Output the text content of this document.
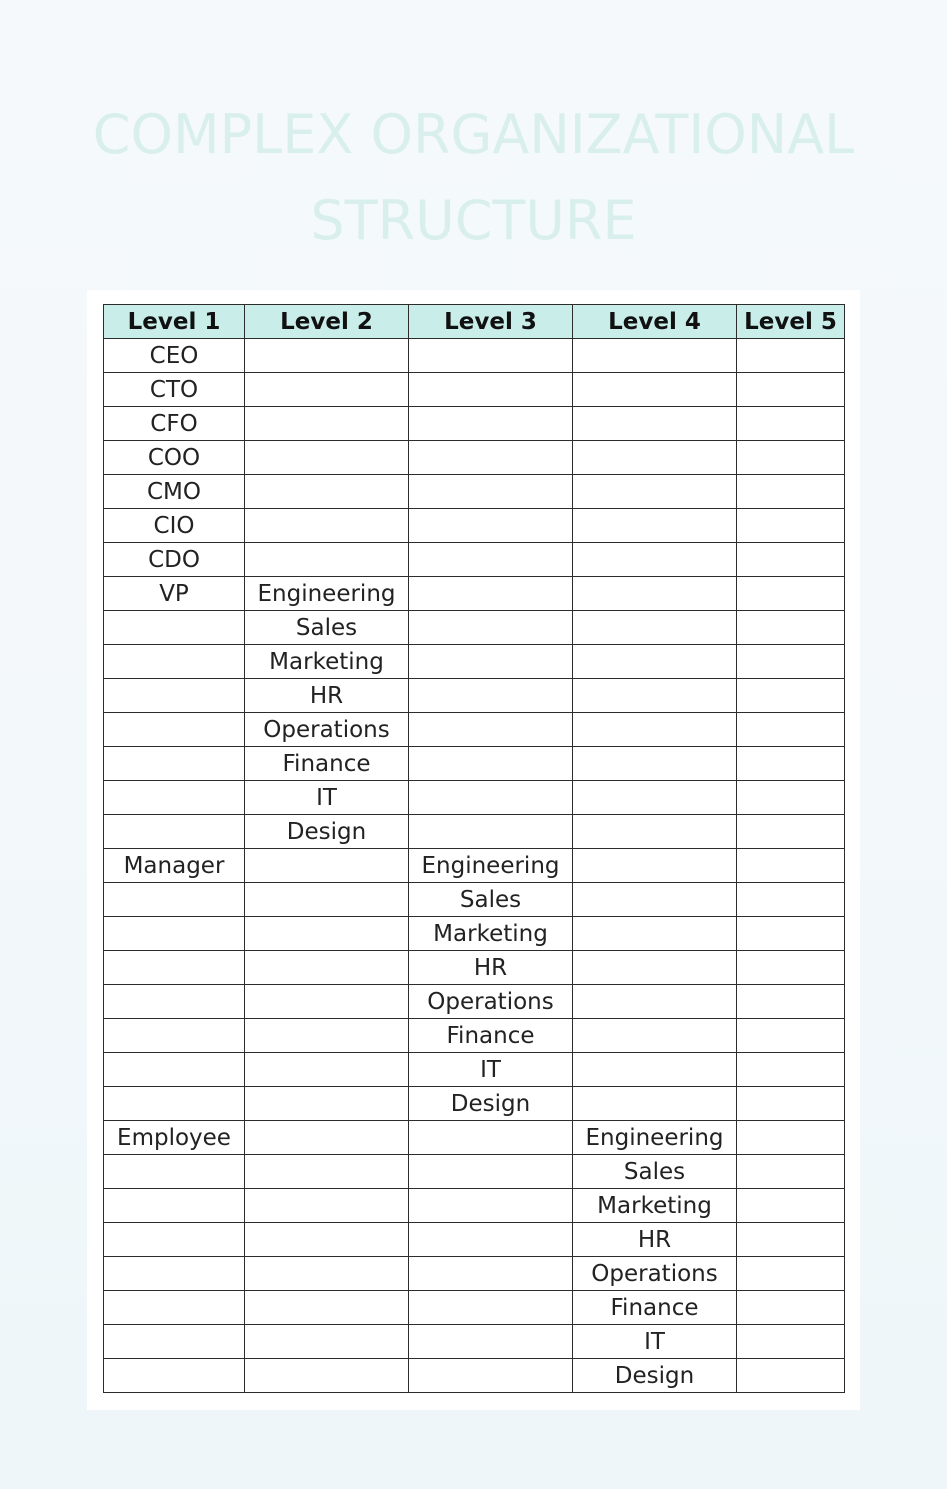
COMPLEX ORGANIZATIONAL
STRUCTURE
Level 1	Level 2	Level 3	Level 4	Level 5
CEO				
CTO				
CFO				
COO				
CMO				
CIO				
CDO				
VP	Engineering			
	Sales			
	Marketing			
	HR			
	Operations			
	Finance			
	IT			
	Design			
Manager		Engineering		
		Sales		
		Marketing		
		HR		
		Operations		
		Finance		
		IT		
		Design		
Employee			Engineering	
			Sales	
			Marketing	
			HR	
			Operations	
			Finance	
			IT	
			Design	
